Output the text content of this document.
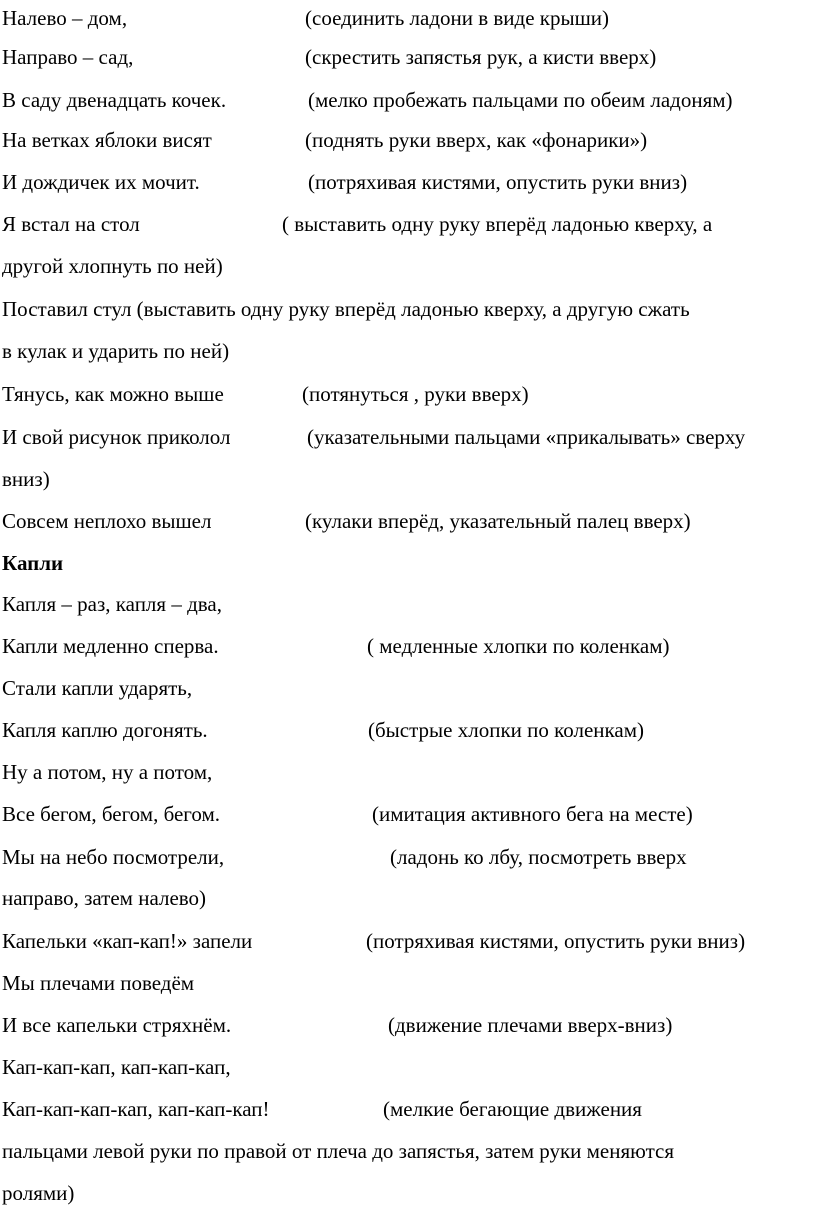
Налево – дом,	(соединить ладони в виде крыши)
Направо – сад,	(скрестить запястья рук, а кисти вверх)
В саду двенадцать кочек.	(мелко пробежать пальцами по обеим ладоням)
На ветках яблоки висят	(поднять руки вверх, как «фонарики»)
И дождичек их мочит.	(потряхивая кистями, опустить руки вниз)
Я встал на стол	( выставить одну руку вперёд ладонью кверху, а
другой хлопнуть по ней)
Поставил стул (выставить одну руку вперёд ладонью кверху, а другую сжать
в кулак и ударить по ней)
Тянусь, как можно выше	(потянуться , руки вверх)
И свой рисунок приколол	(указательными пальцами «прикалывать» сверху
вниз)
Совсем неплохо вышел	(кулаки вперёд, указательный палец вверх)
Капли
Капля – раз, капля – два,
Капли медленно сперва.	( медленные хлопки по коленкам)
Стали капли ударять,
Капля каплю догонять.	(быстрые хлопки по коленкам)
Ну а потом, ну а потом,
Все бегом, бегом, бегом.	(имитация активного бега на месте)
Мы на небо посмотрели,	(ладонь ко лбу, посмотреть вверх
направо, затем налево)
Капельки «кап-кап!» запели	(потряхивая кистями, опустить руки вниз)
Мы плечами поведём
И все капельки стряхнём.	(движение плечами вверх-вниз)
Кап-кап-кап, кап-кап-кап,
Кап-кап-кап-кап, кап-кап-кап!	(мелкие бегающие движения
пальцами левой руки по правой от плеча до запястья, затем руки меняются
ролями)
